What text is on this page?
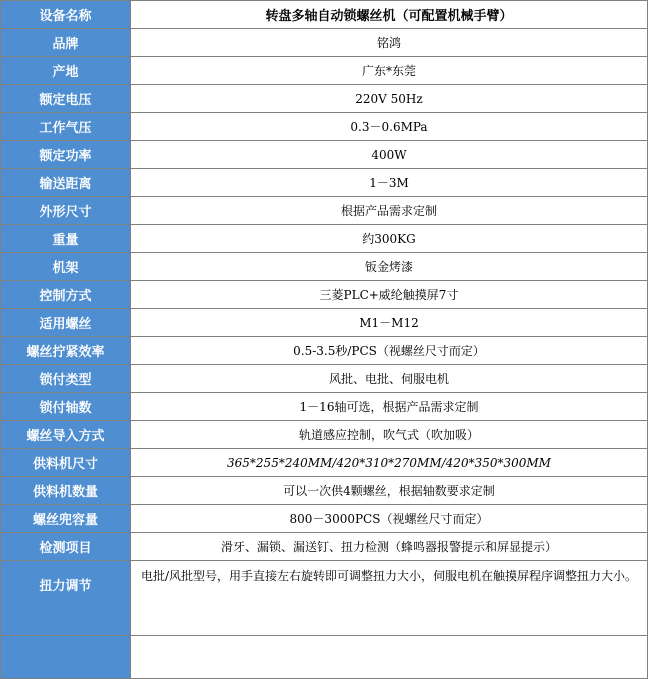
设备名称	转盘多轴自动锁螺丝机（可配置机械手臂）
品牌	铭鸿
产地	广东*东莞
额定电压	220V 50Hz
工作气压	0.3－0.6MPa
额定功率	400W
输送距离	1－3M
外形尺寸	根据产品需求定制
重量	约300KG
机架	钣金烤漆
控制方式	三菱PLC+威纶触摸屏7寸
适用螺丝	M1－M12
螺丝拧紧效率	0.5-3.5秒/PCS（视螺丝尺寸而定）
锁付类型	风批、电批、伺服电机
锁付轴数	1－16轴可选，根据产品需求定制
螺丝导入方式	轨道感应控制，吹气式（吹加吸）
供料机尺寸	365*255*240MM/420*310*270MM/420*350*300MM
供料机数量	可以一次供4颗螺丝，根据轴数要求定制
螺丝兜容量	800－3000PCS（视螺丝尺寸而定）
检测项目	滑牙、漏锁、漏送钉、扭力检测（蜂鸣器报警提示和屏显提示）
扭力调节	电批/风批型号，用手直接左右旋转即可调整扭力大小，伺服电机在触摸屏程序调整扭力大小。
